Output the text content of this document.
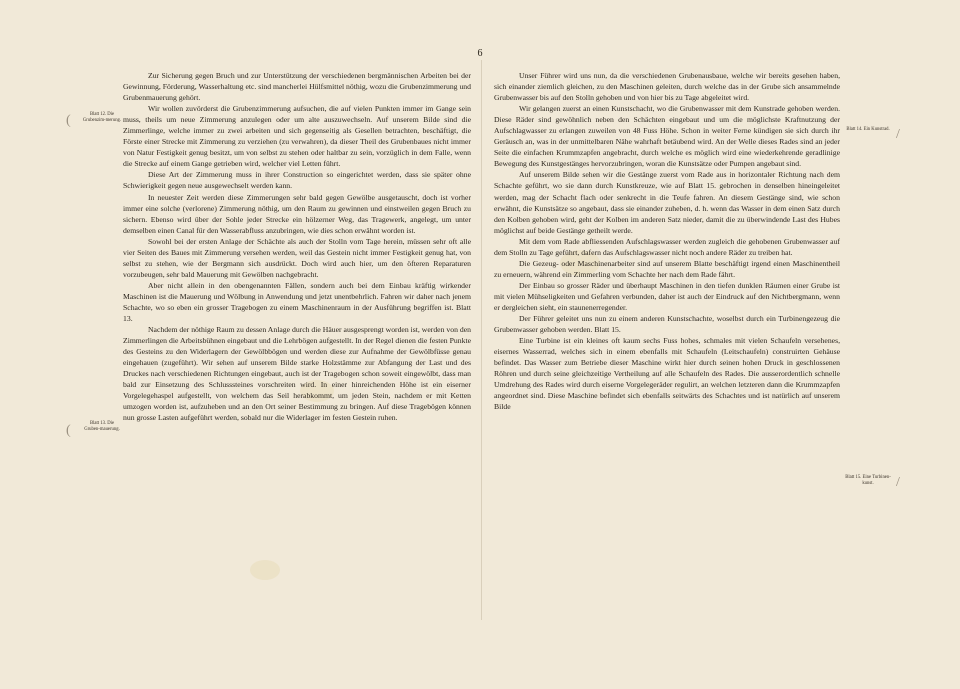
6
(
(
/
/
Blatt 12. Die Grubenzim-merung.
Blatt 13. Die Gruben-mauerung.
Blatt 14. Ein Kunstrad.
Blatt 15. Eine Turbinen-kunst.

Zur Sicherung gegen Bruch und zur Unterstützung der verschiedenen bergmännischen Arbeiten bei der Gewinnung, Förderung, Wasserhaltung etc. sind mancherlei Hülfsmittel nöthig, wozu die Grubenzimmerung und Grubenmauerung gehört.

Wir wollen zuvörderst die Grubenzimmerung aufsuchen, die auf vielen Punkten immer im Gange sein muss, theils um neue Zimmerung anzulegen oder um alte auszuwechseln. Auf unserem Bilde sind die Zimmerlinge, welche immer zu zwei arbeiten und sich gegenseitig als Gesellen betrachten, beschäftigt, die Förste einer Strecke mit Zimmerung zu verziehen (zu verwahren), da dieser Theil des Grubenbaues nicht immer von Natur Festigkeit genug besitzt, um von selbst zu stehen oder haltbar zu sein, vorzüglich in dem Falle, wenn die Strecke auf einem Gange getrieben wird, welcher viel Letten führt.

Diese Art der Zimmerung muss in ihrer Construction so eingerichtet werden, dass sie später ohne Schwierigkeit gegen neue ausgewechselt werden kann.

In neuester Zeit werden diese Zimmerungen sehr bald gegen Gewölbe ausgetauscht, doch ist vorher immer eine solche (verlorene) Zimmerung nöthig, um den Raum zu gewinnen und einstweilen gegen Bruch zu sichern. Ebenso wird über der Sohle jeder Strecke ein hölzerner Weg, das Tragewerk, angelegt, um unter demselben einen Canal für den Wasserabfluss anzubringen, wie dies schon erwähnt worden ist.

Sowohl bei der ersten Anlage der Schächte als auch der Stolln vom Tage herein, müssen sehr oft alle vier Seiten des Baues mit Zimmerung versehen werden, weil das Gestein nicht immer Festigkeit genug hat, von selbst zu stehen, wie der Bergmann sich ausdrückt. Doch wird auch hier, um den öfteren Reparaturen vorzubeugen, sehr bald Mauerung mit Gewölben nachgebracht.

Aber nicht allein in den obengenannten Fällen, sondern auch bei dem Einbau kräftig wirkender Maschinen ist die Mauerung und Wölbung in Anwendung und jetzt unentbehrlich. Fahren wir daher nach jenem Schachte, wo so eben ein grosser Tragebogen zu einem Maschinenraum in der Ausführung begriffen ist. Blatt 13.

Nachdem der nöthige Raum zu dessen Anlage durch die Häuer ausgesprengt worden ist, werden von den Zimmerlingen die Arbeitsbühnen eingebaut und die Lehrbögen aufgestellt. In der Regel dienen die festen Punkte des Gesteins zu den Widerlagern der Gewölbbögen und werden diese zur Aufnahme der Gewölbfüsse genau eingehauen (zugeführt). Wir sehen auf unserem Bilde starke Holzstämme zur Abfangung der Last und des Druckes nach verschiedenen Richtungen eingebaut, auch ist der Tragebogen schon soweit eingewölbt, dass man bald zur Einsetzung des Schlusssteines vorschreiten wird. In einer hinreichenden Höhe ist ein eiserner Vorgelegehaspel aufgestellt, von welchem das Seil herabkommt, um jeden Stein, nachdem er mit Ketten umzogen worden ist, aufzuheben und an den Ort seiner Bestimmung zu bringen. Auf diese Tragebögen können nun grosse Lasten aufgeführt werden, sobald nur die Widerlager im festen Gestein ruhen.

Unser Führer wird uns nun, da die verschiedenen Grubenausbaue, welche wir bereits gesehen haben, sich einander ziemlich gleichen, zu den Maschinen geleiten, durch welche das in der Grube sich ansammelnde Grubenwasser bis auf den Stolln gehoben und von hier bis zu Tage abgeleitet wird.

Wir gelangen zuerst an einen Kunstschacht, wo die Grubenwasser mit dem Kunstrade gehoben werden. Diese Räder sind gewöhnlich neben den Schächten eingebaut und um die möglichste Kraftnutzung der Aufschlagwasser zu erlangen zuweilen von 48 Fuss Höhe. Schon in weiter Ferne kündigen sie sich durch ihr Geräusch an, was in der unmittelbaren Nähe wahrhaft betäubend wird. An der Welle dieses Rades sind an jeder Seite die einfachen Krummzapfen angebracht, durch welche es möglich wird eine wiederkehrende geradlinige Bewegung des Kunstgestänges hervorzubringen, woran die Kunstsätze oder Pumpen angebaut sind.

Auf unserem Bilde sehen wir die Gestänge zuerst vom Rade aus in horizontaler Richtung nach dem Schachte geführt, wo sie dann durch Kunstkreuze, wie auf Blatt 15. gebrochen in denselben hineingeleitet werden, mag der Schacht flach oder senkrecht in die Teufe fahren. An diesem Gestänge sind, wie schon erwähnt, die Kunstsätze so angebaut, dass sie einander zuheben, d. h. wenn das Wasser in dem einen Satz durch den Kolben gehoben wird, geht der Kolben im anderen Satz nieder, damit die zu überwindende Last des Hubes möglichst auf beide Gestänge getheilt werde.

Mit dem vom Rade abfliessenden Aufschlagswasser werden zugleich die gehobenen Grubenwasser auf dem Stolln zu Tage geführt, dafern das Aufschlagswasser nicht noch andere Räder zu treiben hat.

Die Gezeug- oder Maschinenarbeiter sind auf unserem Blatte beschäftigt irgend einen Maschinentheil zu erneuern, während ein Zimmerling vom Schachte her nach dem Rade fährt.

Der Einbau so grosser Räder und überhaupt Maschinen in den tiefen dunklen Räumen einer Grube ist mit vielen Mühseligkeiten und Gefahren verbunden, daher ist auch der Eindruck auf den Nichtbergmann, wenn er dergleichen sieht, ein staunenerregender.

Der Führer geleitet uns nun zu einem anderen Kunstschachte, woselbst durch ein Turbinengezeug die Grubenwasser gehoben werden. Blatt 15.

Eine Turbine ist ein kleines oft kaum sechs Fuss hohes, schmales mit vielen Schaufeln versehenes, eisernes Wasserrad, welches sich in einem ebenfalls mit Schaufeln (Leitschaufeln) construirten Gehäuse befindet. Das Wasser zum Betriebe dieser Maschine wirkt hier durch seinen hohen Druck in geschlossenen Röhren und durch seine gleichzeitige Vertheilung auf alle Schaufeln des Rades. Die ausserordentlich schnelle Umdrehung des Rades wird durch eiserne Vorgelegeräder regulirt, an welchen letzteren dann die Krummzapfen angeordnet sind. Diese Maschine befindet sich ebenfalls seitwärts des Schachtes und ist natürlich auf unserem Bilde
